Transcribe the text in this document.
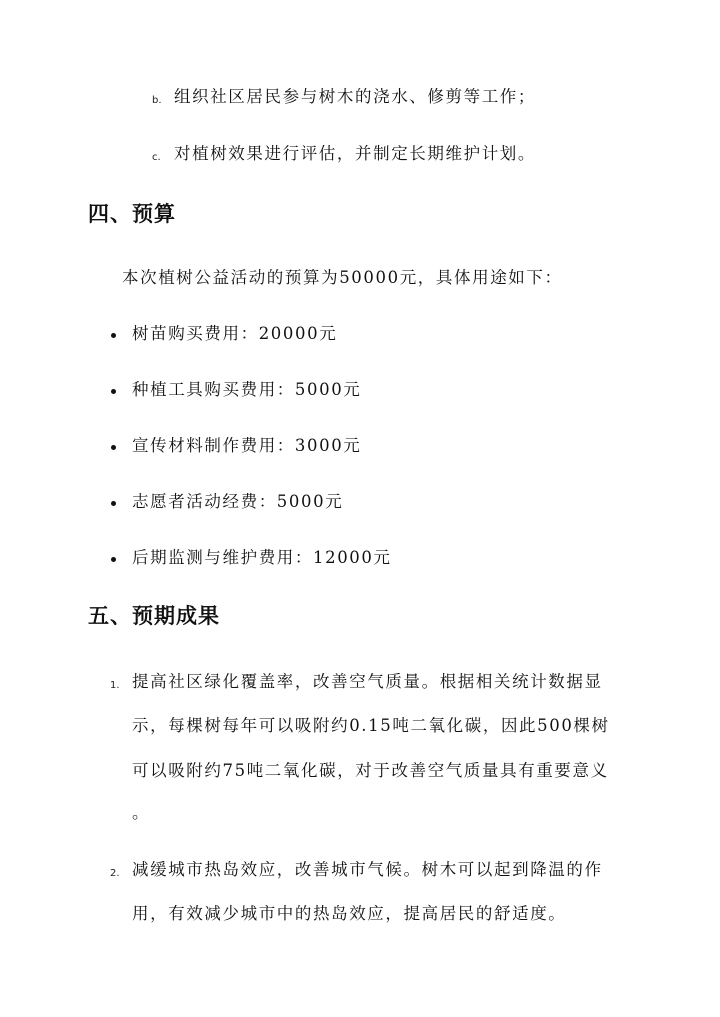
b. 组织社区居民参与树木的浇水、修剪等工作；
c. 对植树效果进行评估，并制定长期维护计划。
四、预算
本次植树公益活动的预算为50000元，具体用途如下：
树苗购买费用：20000元
种植工具购买费用：5000元
宣传材料制作费用：3000元
志愿者活动经费：5000元
后期监测与维护费用：12000元
五、预期成果
1. 提高社区绿化覆盖率，改善空气质量。根据相关统计数据显
示，每棵树每年可以吸附约0.15吨二氧化碳，因此500棵树
可以吸附约75吨二氧化碳，对于改善空气质量具有重要意义
。
2. 减缓城市热岛效应，改善城市气候。树木可以起到降温的作
用，有效减少城市中的热岛效应，提高居民的舒适度。
